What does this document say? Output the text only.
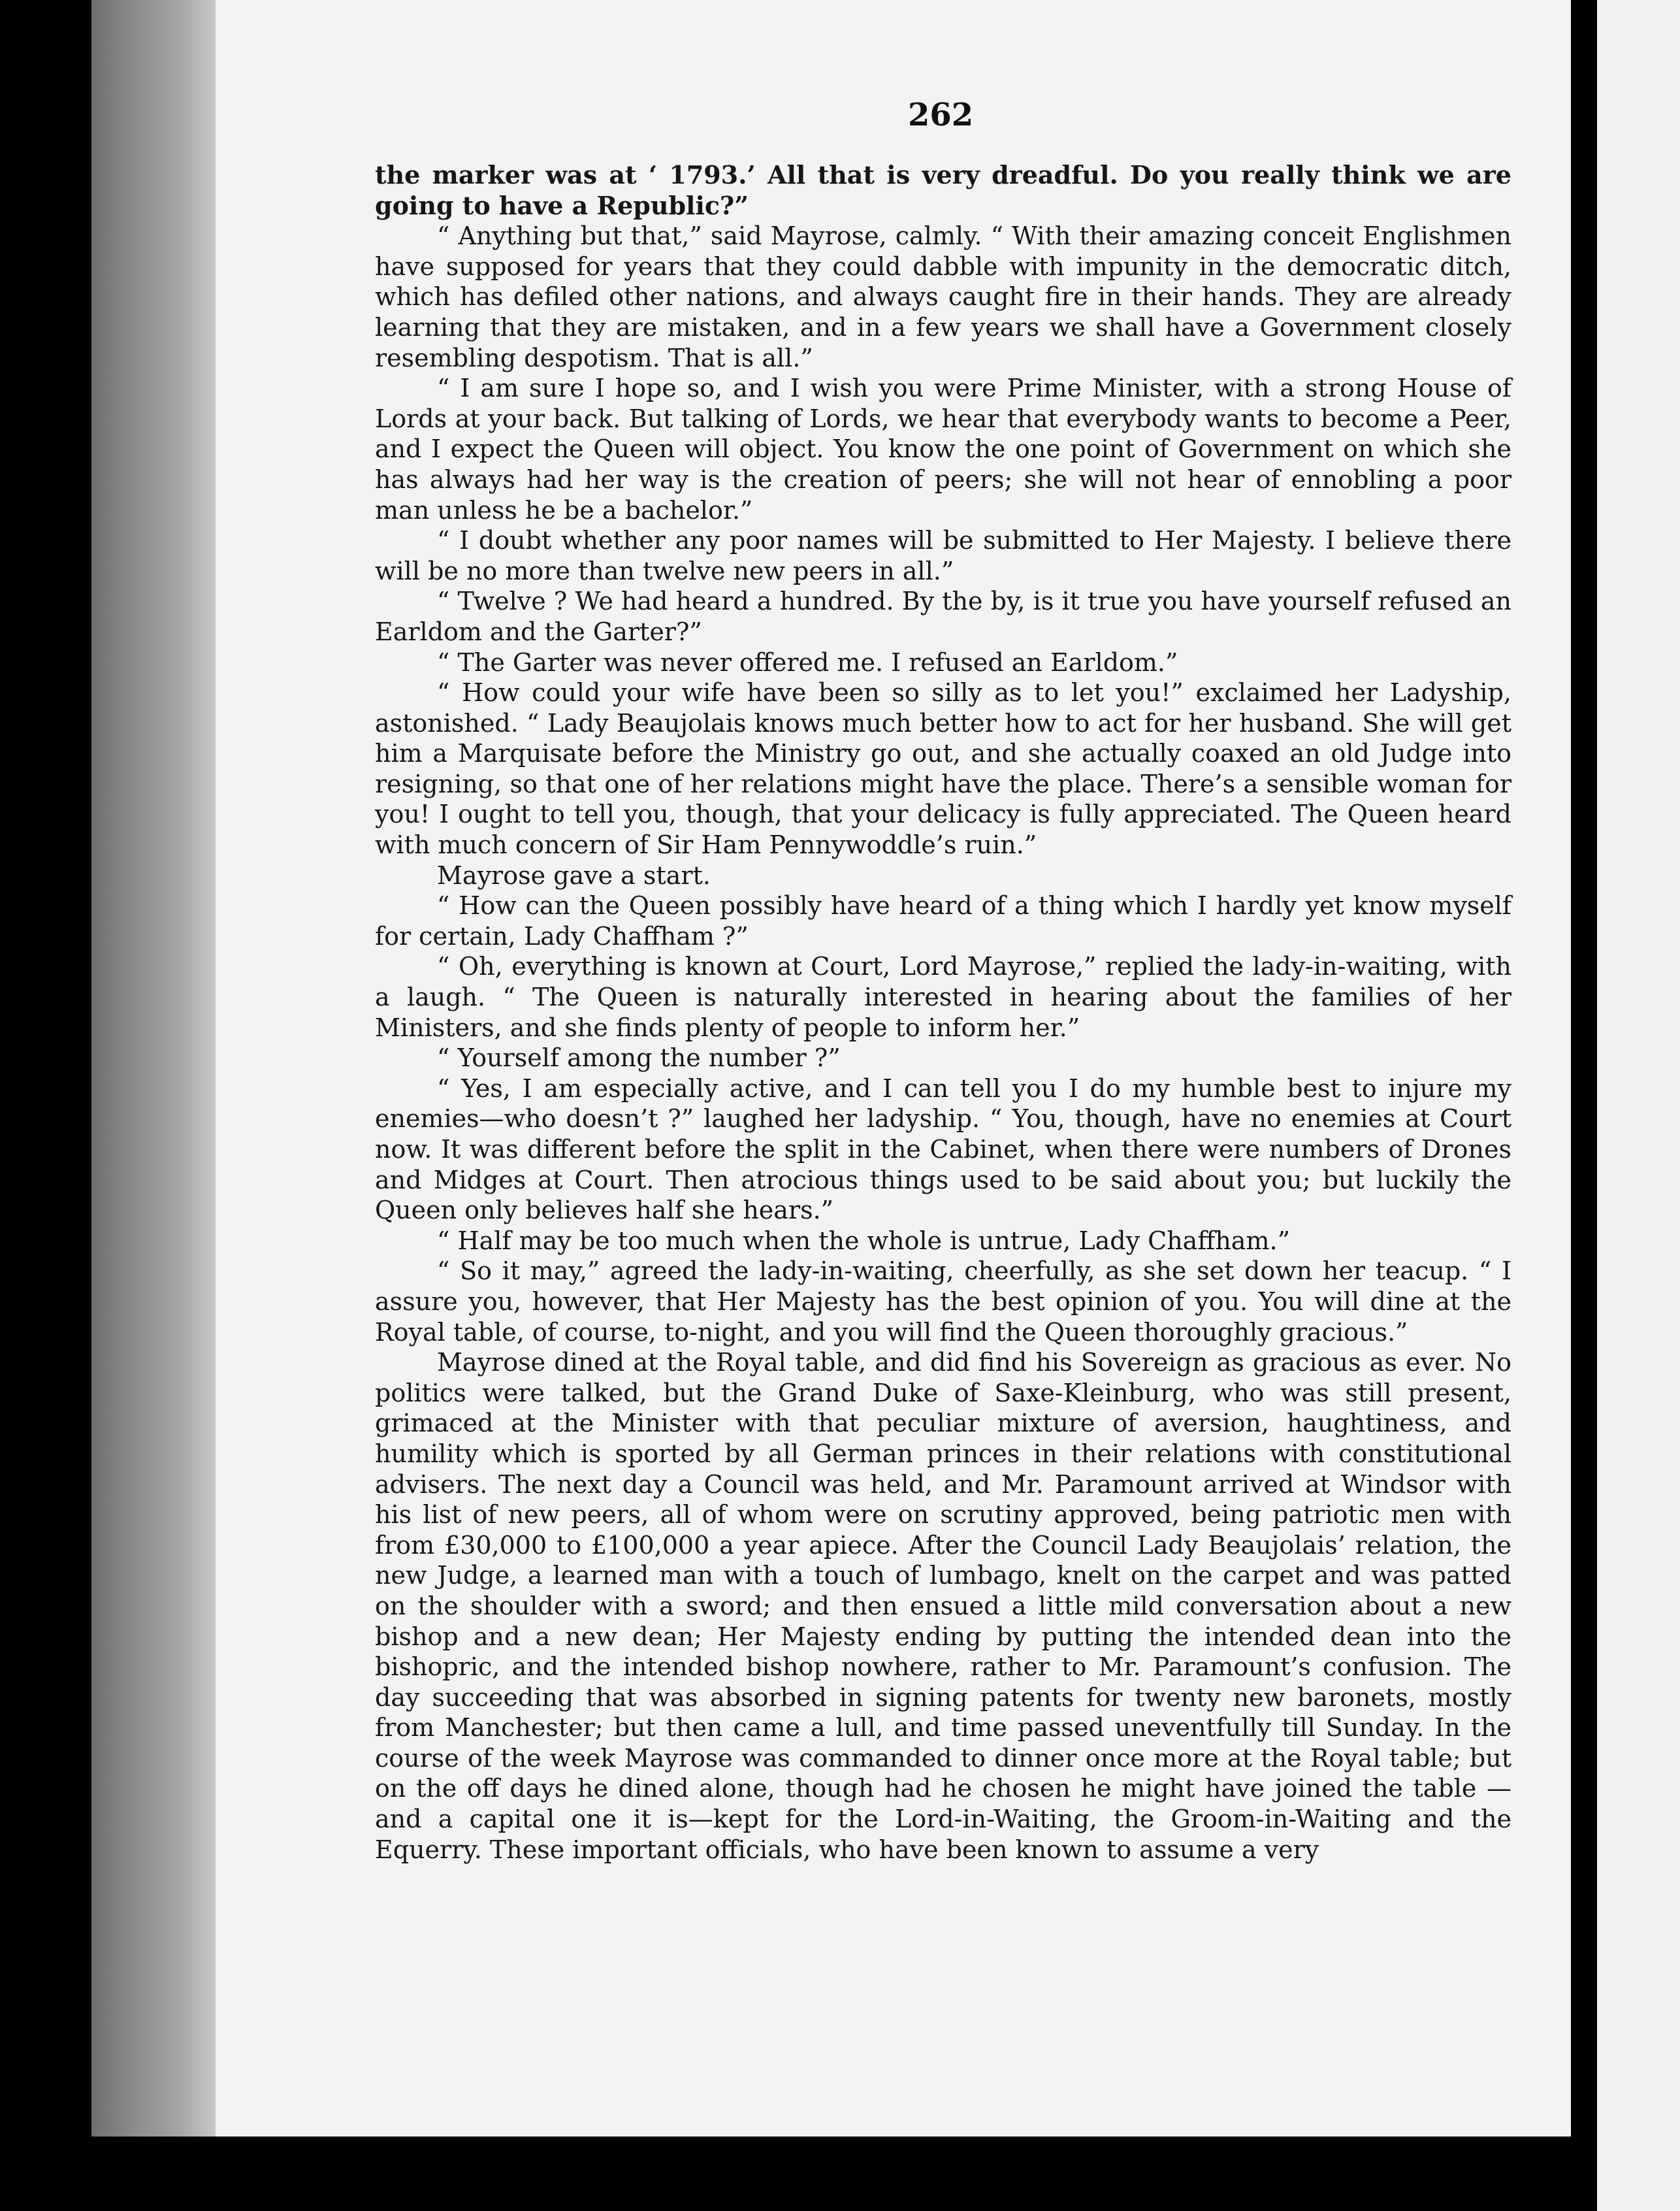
262

the marker was at ‘ 1793.’ All that is very dreadful. Do you really think we are going to have a Republic?”

“ Anything but that,” said Mayrose, calmly. “ With their amazing conceit Englishmen have supposed for years that they could dabble with impunity in the democratic ditch, which has defiled other nations, and always caught fire in their hands. They are already learning that they are mistaken, and in a few years we shall have a Government closely resembling despotism. That is all.”

“ I am sure I hope so, and I wish you were Prime Minister, with a strong House of Lords at your back. But talking of Lords, we hear that everybody wants to become a Peer, and I expect the Queen will object. You know the one point of Government on which she has always had her way is the creation of peers; she will not hear of ennobling a poor man unless he be a bachelor.”

“ I doubt whether any poor names will be submitted to Her Majesty. I believe there will be no more than twelve new peers in all.”

“ Twelve ? We had heard a hundred. By the by, is it true you have yourself refused an Earldom and the Garter?”

“ The Garter was never offered me. I refused an Earldom.”

“ How could your wife have been so silly as to let you!” exclaimed her Ladyship, astonished. “ Lady Beaujolais knows much better how to act for her husband. She will get him a Marquisate before the Ministry go out, and she actually coaxed an old Judge into resigning, so that one of her relations might have the place. There’s a sensible woman for you! I ought to tell you, though, that your delicacy is fully appreciated. The Queen heard with much concern of Sir Ham Pennywoddle’s ruin.”

Mayrose gave a start.

“ How can the Queen possibly have heard of a thing which I hardly yet know myself for certain, Lady Chaffham ?”

“ Oh, everything is known at Court, Lord Mayrose,” replied the lady-in-waiting, with a laugh. “ The Queen is naturally interested in hearing about the families of her Ministers, and she finds plenty of people to inform her.”

“ Yourself among the number ?”

“ Yes, I am especially active, and I can tell you I do my humble best to injure my enemies—who doesn’t ?” laughed her ladyship. “ You, though, have no enemies at Court now. It was different before the split in the Cabinet, when there were numbers of Drones and Midges at Court. Then atrocious things used to be said about you; but luckily the Queen only believes half she hears.”

“ Half may be too much when the whole is untrue, Lady Chaffham.”

“ So it may,” agreed the lady-in-waiting, cheerfully, as she set down her teacup. “ I assure you, however, that Her Majesty has the best opinion of you. You will dine at the Royal table, of course, to-night, and you will find the Queen thoroughly gracious.”

Mayrose dined at the Royal table, and did find his Sovereign as gracious as ever. No politics were talked, but the Grand Duke of Saxe-Kleinburg, who was still present, grimaced at the Minister with that peculiar mixture of aversion, haughtiness, and humility which is sported by all German princes in their relations with constitutional advisers. The next day a Council was held, and Mr. Paramount arrived at Windsor with his list of new peers, all of whom were on scrutiny approved, being patriotic men with from £30,000 to £100,000 a year apiece. After the Council Lady Beaujolais’ relation, the new Judge, a learned man with a touch of lumbago, knelt on the carpet and was patted on the shoulder with a sword; and then ensued a little mild conversation about a new bishop and a new dean; Her Majesty ending by putting the intended dean into the bishopric, and the intended bishop nowhere, rather to Mr. Paramount’s confusion. The day succeeding that was absorbed in signing patents for twenty new baronets, mostly from Manchester; but then came a lull, and time passed uneventfully till Sunday. In the course of the week Mayrose was commanded to dinner once more at the Royal table; but on the off days he dined alone, though had he chosen he might have joined the table —and a capital one it is—kept for the Lord-in-Waiting, the Groom-in-Waiting and the Equerry. These important officials, who have been known to assume a very
